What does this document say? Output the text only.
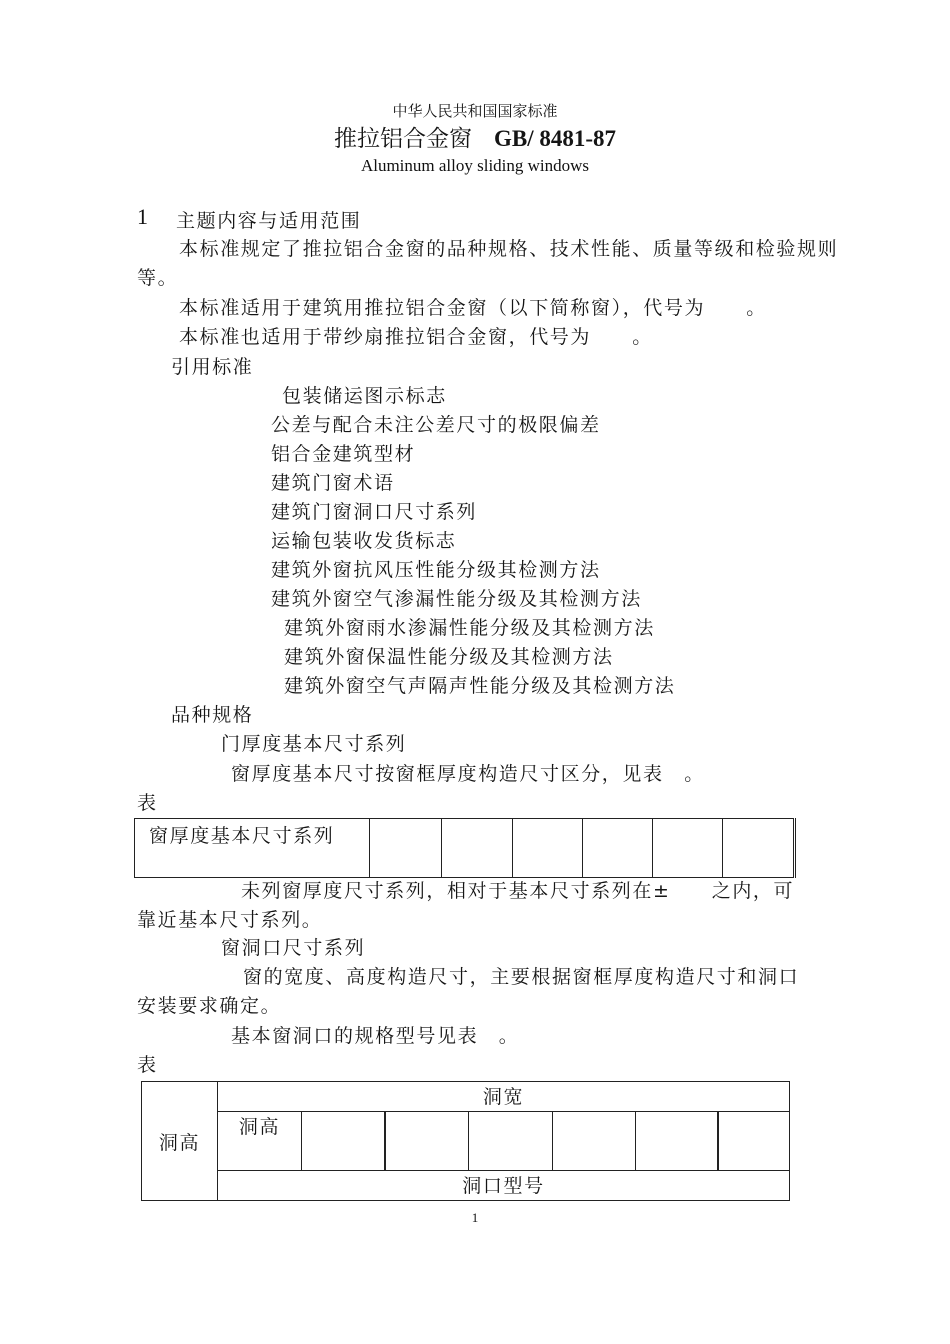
中华人民共和国国家标准
推拉铝合金窗 GB/ 8481-87
Aluminum alloy sliding windows
1 主题内容与适用范围
本标准规定了推拉铝合金窗的品种规格、技术性能、质量等级和检验规则等。
本标准适用于建筑用推拉铝合金窗（以下简称窗），代号为　　。
本标准也适用于带纱扇推拉铝合金窗，代号为　　。
引用标准
包装储运图示标志
公差与配合未注公差尺寸的极限偏差
铝合金建筑型材
建筑门窗术语
建筑门窗洞口尺寸系列
运输包装收发货标志
建筑外窗抗风压性能分级其检测方法
建筑外窗空气渗漏性能分级及其检测方法
建筑外窗雨水渗漏性能分级及其检测方法
建筑外窗保温性能分级及其检测方法
建筑外窗空气声隔声性能分级及其检测方法
品种规格
门厚度基本尺寸系列
窗厚度基本尺寸按窗框厚度构造尺寸区分，见表　。
表
窗厚度基本尺寸系列						
未列窗厚度尺寸系列，相对于基本尺寸系列在±　　之内，可
靠近基本尺寸系列。
窗洞口尺寸系列
窗的宽度、高度构造尺寸，主要根据窗框厚度构造尺寸和洞口
安装要求确定。
基本窗洞口的规格型号见表　。
表
洞高	洞宽						
	洞高						
	洞口型号						
1
